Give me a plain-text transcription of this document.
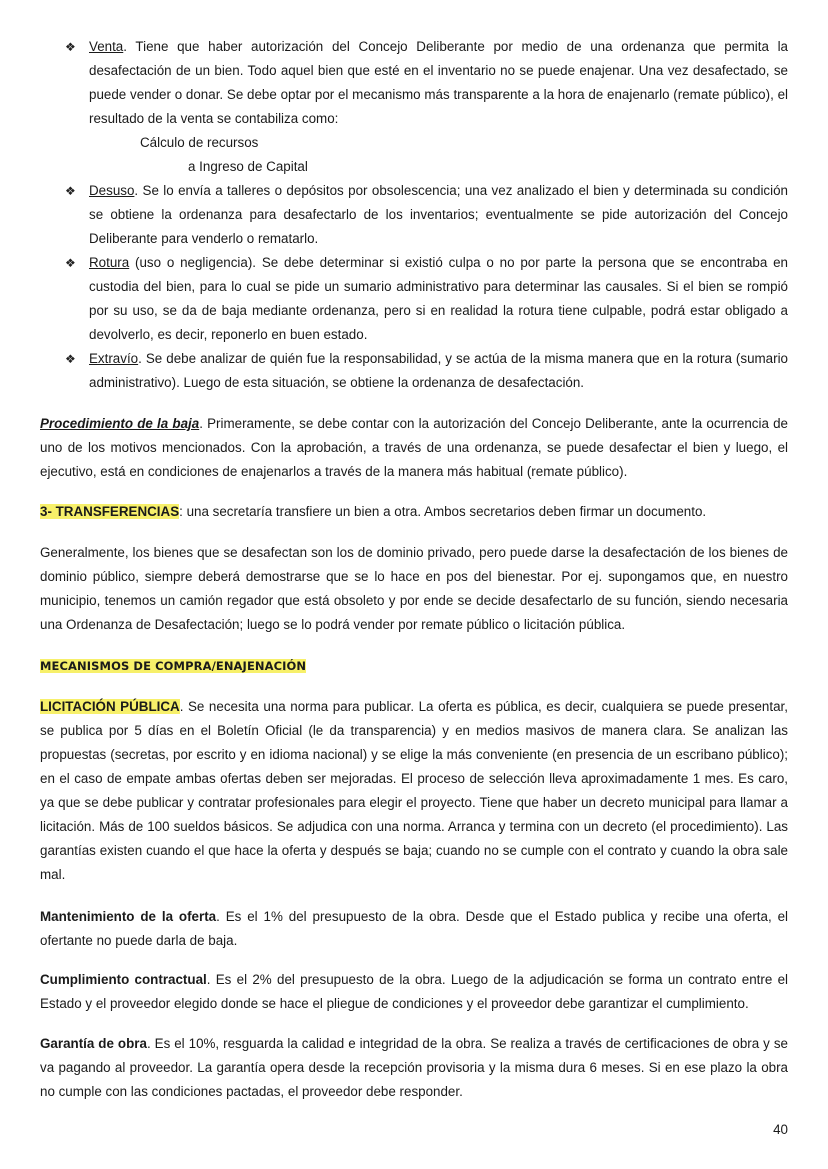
❖ Venta. Tiene que haber autorización del Concejo Deliberante por medio de una ordenanza que permita la desafectación de un bien. Todo aquel bien que esté en el inventario no se puede enajenar. Una vez desafectado, se puede vender o donar. Se debe optar por el mecanismo más transparente a la hora de enajenarlo (remate público), el resultado de la venta se contabiliza como:

Cálculo de recursos
a Ingreso de Capital
❖ Desuso. Se lo envía a talleres o depósitos por obsolescencia; una vez analizado el bien y determinada su condición se obtiene la ordenanza para desafectarlo de los inventarios; eventualmente se pide autorización del Concejo Deliberante para venderlo o rematarlo.

❖ Rotura (uso o negligencia). Se debe determinar si existió culpa o no por parte la persona que se encontraba en custodia del bien, para lo cual se pide un sumario administrativo para determinar las causales. Si el bien se rompió por su uso, se da de baja mediante ordenanza, pero si en realidad la rotura tiene culpable, podrá estar obligado a devolverlo, es decir, reponerlo en buen estado.

❖ Extravío. Se debe analizar de quién fue la responsabilidad, y se actúa de la misma manera que en la rotura (sumario administrativo). Luego de esta situación, se obtiene la ordenanza de desafectación.

Procedimiento de la baja. Primeramente, se debe contar con la autorización del Concejo Deliberante, ante la ocurrencia de uno de los motivos mencionados. Con la aprobación, a través de una ordenanza, se puede desafectar el bien y luego, el ejecutivo, está en condiciones de enajenarlos a través de la manera más habitual (remate público).

3- TRANSFERENCIAS: una secretaría transfiere un bien a otra. Ambos secretarios deben firmar un documento.

Generalmente, los bienes que se desafectan son los de dominio privado, pero puede darse la desafectación de los bienes de dominio público, siempre deberá demostrarse que se lo hace en pos del bienestar. Por ej. supongamos que, en nuestro municipio, tenemos un camión regador que está obsoleto y por ende se decide desafectarlo de su función, siendo necesaria una Ordenanza de Desafectación; luego se lo podrá vender por remate público o licitación pública.

MECANISMOS DE COMPRA/ENAJENACIÓN

LICITACIÓN PÚBLICA. Se necesita una norma para publicar. La oferta es pública, es decir, cualquiera se puede presentar, se publica por 5 días en el Boletín Oficial (le da transparencia) y en medios masivos de manera clara. Se analizan las propuestas (secretas, por escrito y en idioma nacional) y se elige la más conveniente (en presencia de un escribano público); en el caso de empate ambas ofertas deben ser mejoradas. El proceso de selección lleva aproximadamente 1 mes. Es caro, ya que se debe publicar y contratar profesionales para elegir el proyecto. Tiene que haber un decreto municipal para llamar a licitación. Más de 100 sueldos básicos. Se adjudica con una norma. Arranca y termina con un decreto (el procedimiento). Las garantías existen cuando el que hace la oferta y después se baja; cuando no se cumple con el contrato y cuando la obra sale mal.

Mantenimiento de la oferta. Es el 1% del presupuesto de la obra. Desde que el Estado publica y recibe una oferta, el ofertante no puede darla de baja.

Cumplimiento contractual. Es el 2% del presupuesto de la obra. Luego de la adjudicación se forma un contrato entre el Estado y el proveedor elegido donde se hace el pliegue de condiciones y el proveedor debe garantizar el cumplimiento.

Garantía de obra. Es el 10%, resguarda la calidad e integridad de la obra. Se realiza a través de certificaciones de obra y se va pagando al proveedor. La garantía opera desde la recepción provisoria y la misma dura 6 meses. Si en ese plazo la obra no cumple con las condiciones pactadas, el proveedor debe responder.

40
